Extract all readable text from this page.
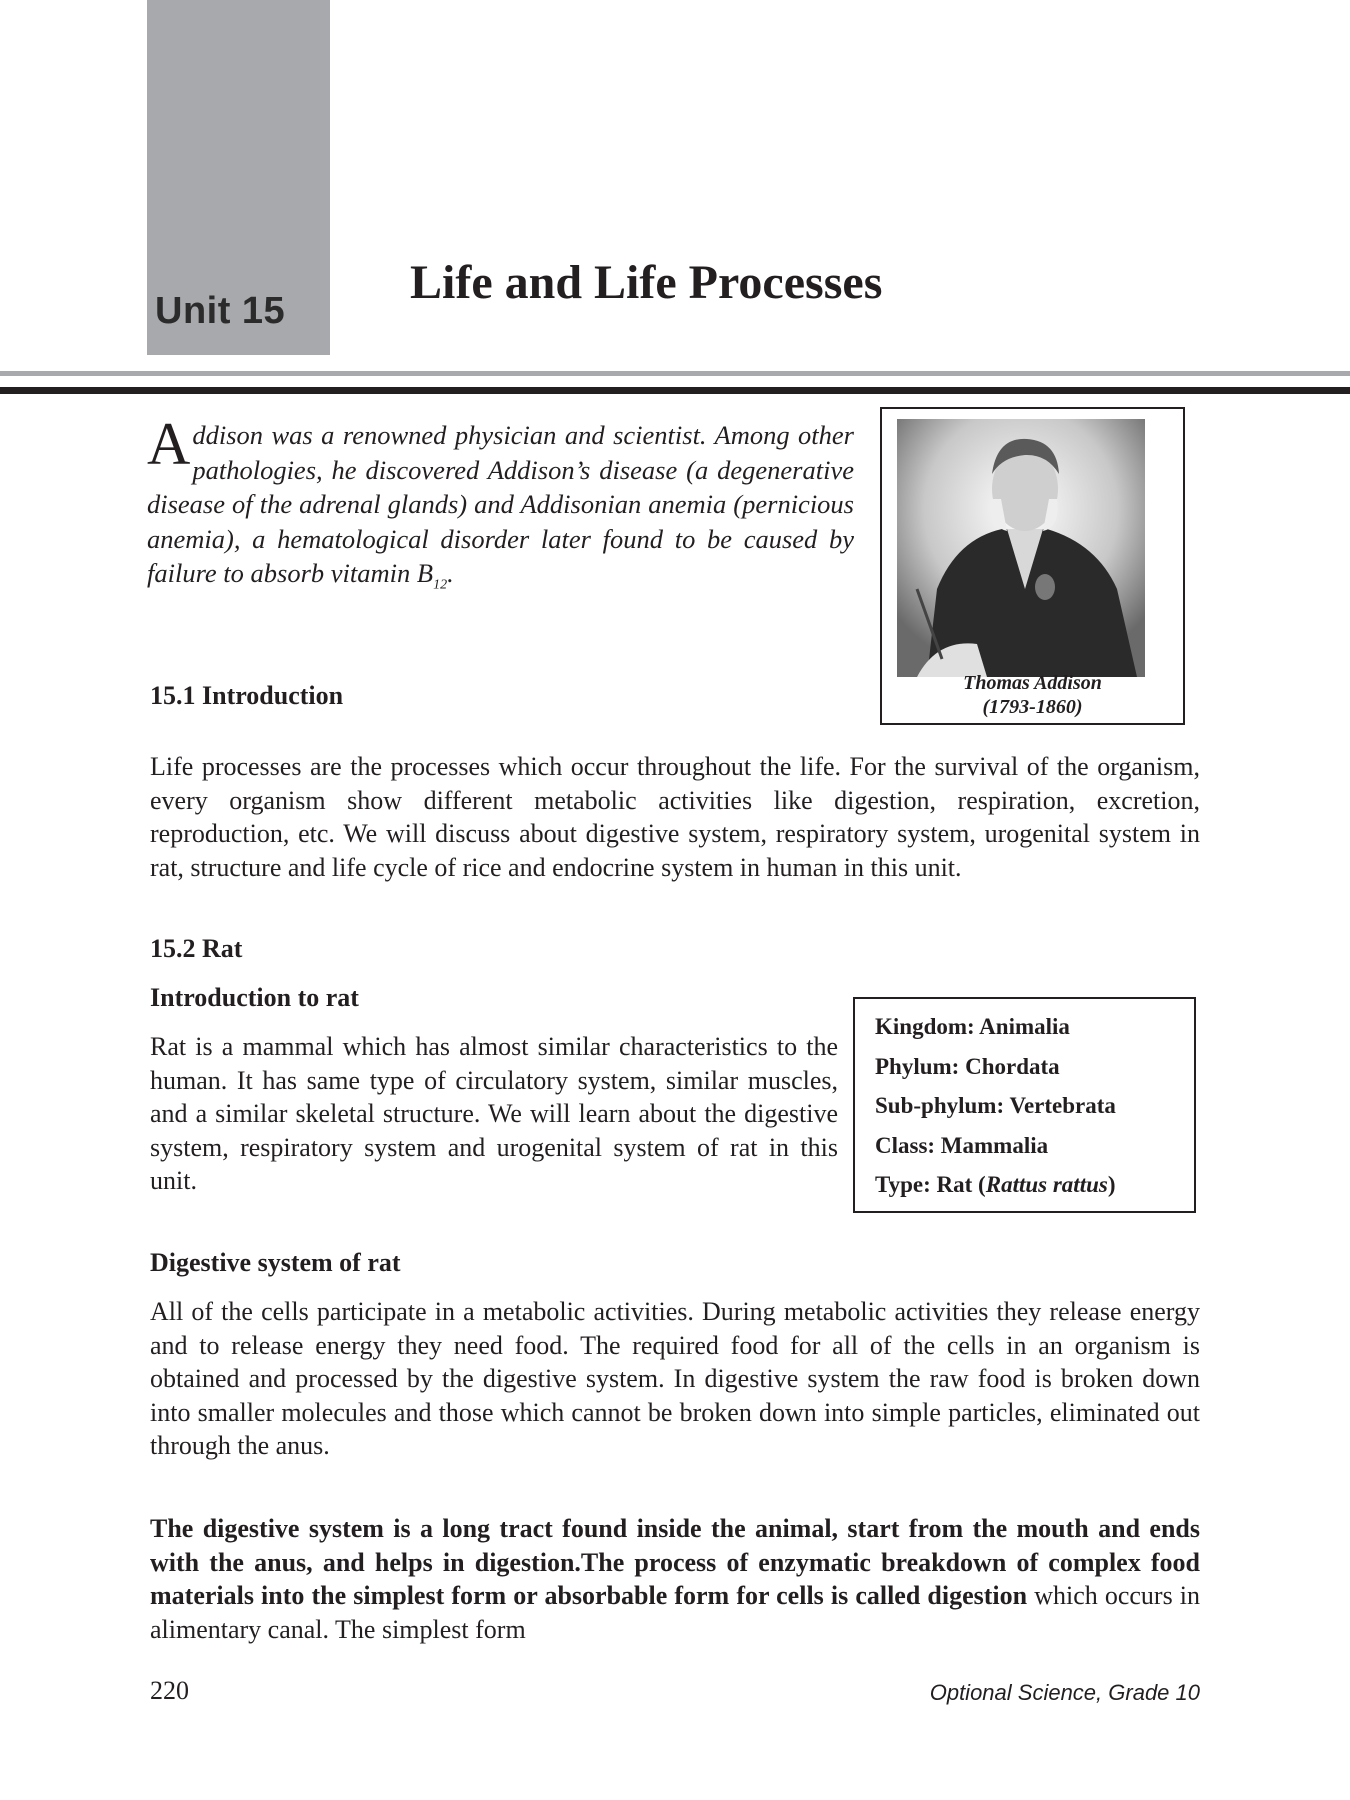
Unit 15
Life and Life Processes
Addison was a renowned physician and scientist. Among other pathologies, he discovered Addison’s disease (a degenerative disease of the adrenal glands) and Addisonian anemia (pernicious anemia), a hematological disorder later found to be caused by failure to absorb vitamin $B_{12}$.
Thomas Addison
(1793-1860)
15.1 Introduction

Life processes are the processes which occur throughout the life. For the survival of the organism, every organism show different metabolic activities like digestion, respiration, excretion, reproduction, etc. We will discuss about digestive system, respiratory system, urogenital system in rat, structure and life cycle of rice and endocrine system in human in this unit.

15.2 Rat
Introduction to rat

Rat is a mammal which has almost similar characteristics to the human. It has same type of circulatory system, similar muscles, and a similar skeletal structure. We will learn about the digestive system, respiratory system and urogenital system of rat in this unit.

Kingdom: Animalia
Phylum: Chordata
Sub-phylum: Vertebrata
Class: Mammalia
Type: Rat (Rattus rattus)
Digestive system of rat

All of the cells participate in a metabolic activities. During metabolic activities they release energy and to release energy they need food. The required food for all of the cells in an organism is obtained and processed by the digestive system. In digestive system the raw food is broken down into smaller molecules and those which cannot be broken down into simple particles, eliminated out through the anus.

The digestive system is a long tract found inside the animal, start from the mouth and ends with the anus, and helps in digestion.The process of enzymatic breakdown of complex food materials into the simplest form or absorbable form for cells is called digestion which occurs in alimentary canal. The simplest form

220	Optional Science, Grade 10
